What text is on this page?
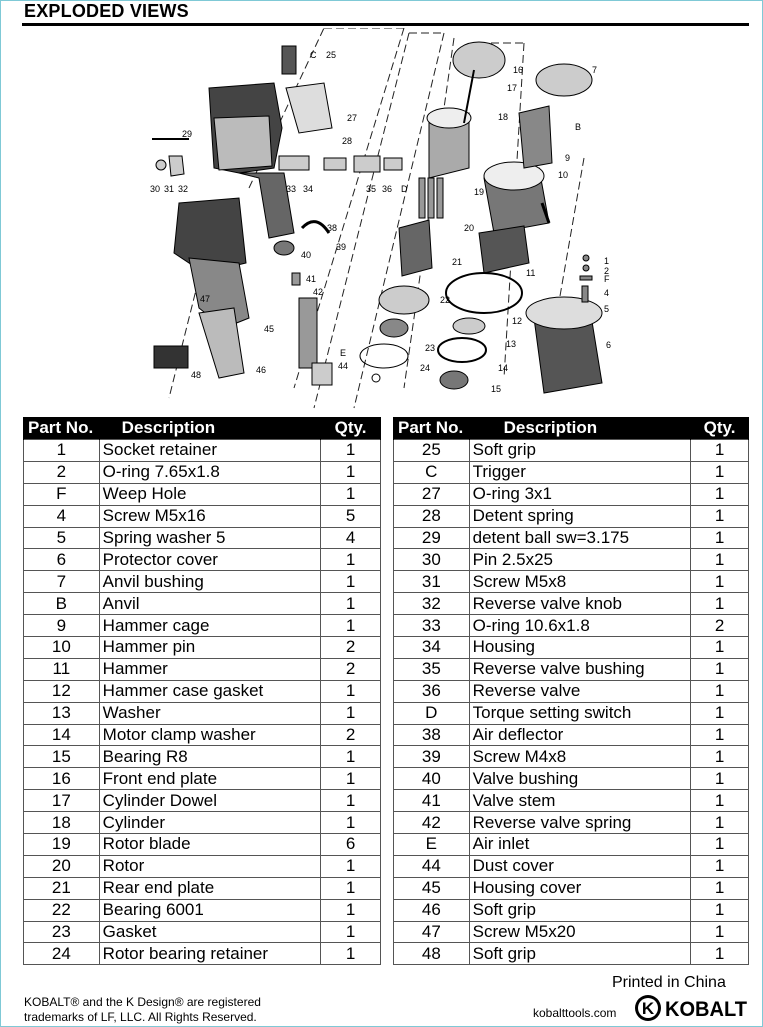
EXPLODED VIEWS
C 25
27
28
29
30 31 32	33 34	35 36 D
16
17
18
7
B
9
10
19
20
38
39
40
41
42
21
22
11
12
1
2
F
4
5
6
47
45
46
48
E
44
23
24
13
14
15
Part No.	Description	Qty.
1	Socket retainer	1
2	O-ring 7.65x1.8	1
F	Weep Hole	1
4	Screw M5x16	5
5	Spring washer 5	4
6	Protector cover	1
7	Anvil bushing	1
B	Anvil	1
9	Hammer cage	1
10	Hammer pin	2
11	Hammer	2
12	Hammer case gasket	1
13	Washer	1
14	Motor clamp washer	2
15	Bearing R8	1
16	Front end plate	1
17	Cylinder Dowel	1
18	Cylinder	1
19	Rotor blade	6
20	Rotor	1
21	Rear end plate	1
22	Bearing 6001	1
23	Gasket	1
24	Rotor bearing retainer	1
Part No.	Description	Qty.
25	Soft grip	1
C	Trigger	1
27	O-ring 3x1	1
28	Detent spring	1
29	detent ball sw=3.175	1
30	Pin 2.5x25	1
31	Screw M5x8	1
32	Reverse valve knob	1
33	O-ring 10.6x1.8	2
34	Housing	1
35	Reverse valve bushing	1
36	Reverse valve	1
D	Torque setting switch	1
38	Air deflector	1
39	Screw M4x8	1
40	Valve bushing	1
41	Valve stem	1
42	Reverse valve spring	1
E	Air inlet	1
44	Dust cover	1
45	Housing cover	1
46	Soft grip	1
47	Screw M5x20	1
48	Soft grip	1
Printed in China
KOBALT® and the K Design® are registered
trademarks of LF, LLC. All Rights Reserved.	kobalttools.com K KOBALT
